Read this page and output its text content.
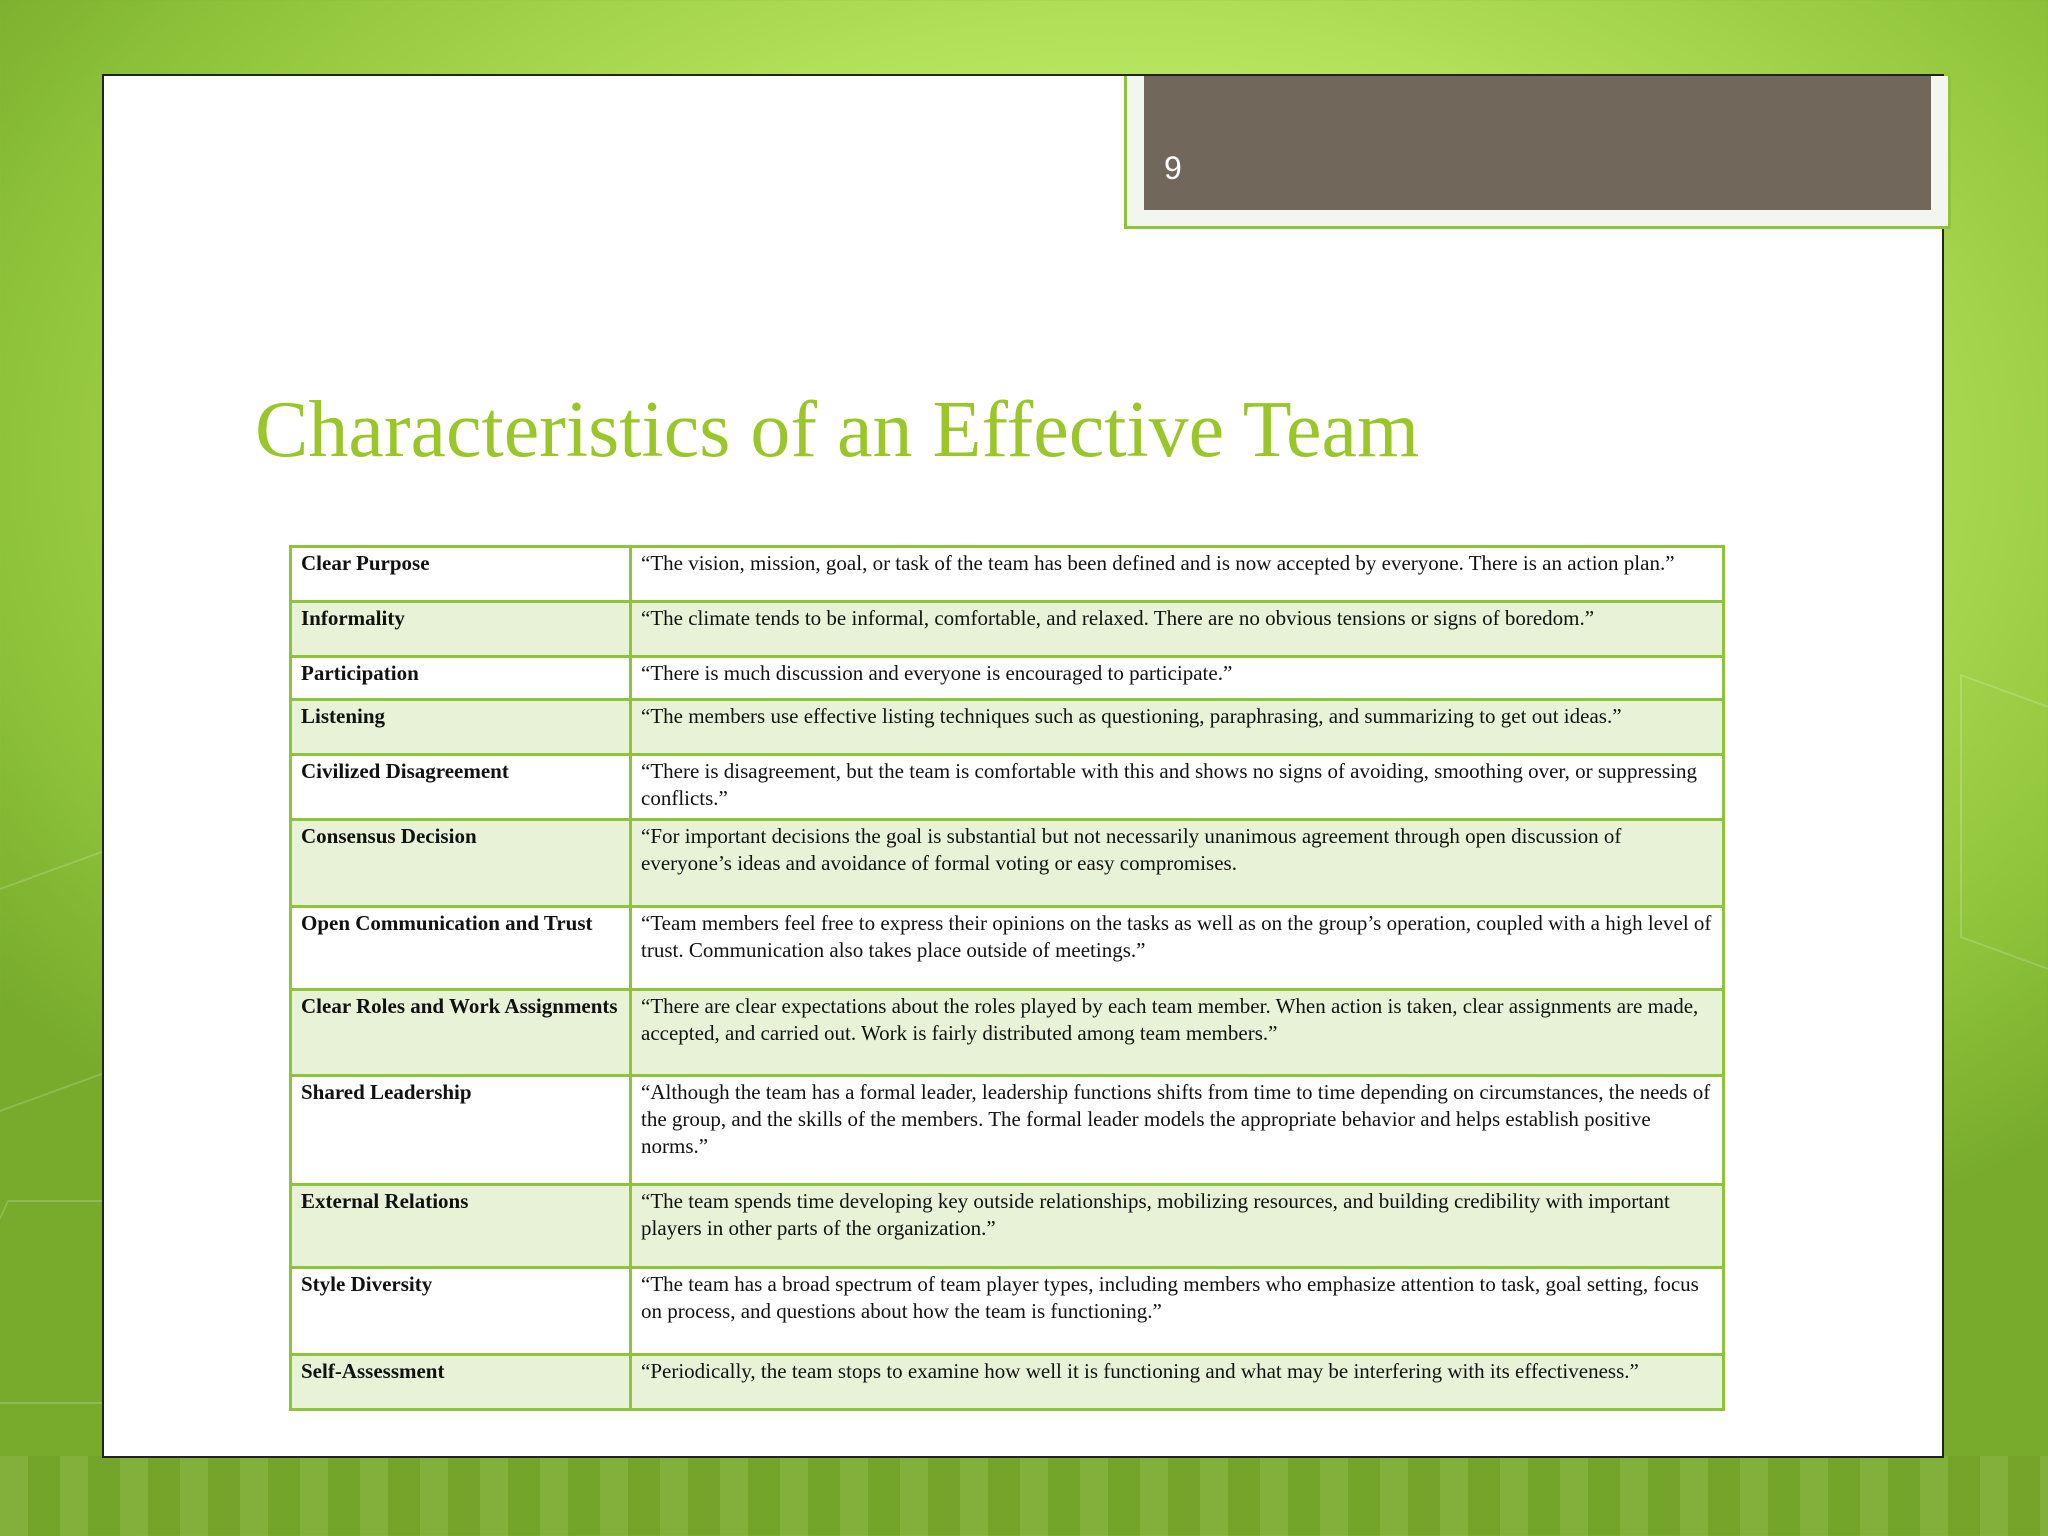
9
Characteristics of an Effective Team
Clear Purpose	“The vision, mission, goal, or task of the team has been defined and is now accepted by everyone. There is an action plan.”
Informality	“The climate tends to be informal, comfortable, and relaxed. There are no obvious tensions or signs of boredom.”
Participation	“There is much discussion and everyone is encouraged to participate.”
Listening	“The members use effective listing techniques such as questioning, paraphrasing, and summarizing to get out ideas.”
Civilized Disagreement	“There is disagreement, but the team is comfortable with this and shows no signs of avoiding, smoothing over, or suppressing conflicts.”
Consensus Decision	“For important decisions the goal is substantial but not necessarily unanimous agreement through open discussion of everyone’s ideas and avoidance of formal voting or easy compromises.
Open Communication and Trust	“Team members feel free to express their opinions on the tasks as well as on the group’s operation, coupled with a high level of trust. Communication also takes place outside of meetings.”
Clear Roles and Work Assignments	“There are clear expectations about the roles played by each team member. When action is taken, clear assignments are made, accepted, and carried out. Work is fairly distributed among team members.”
Shared Leadership	“Although the team has a formal leader, leadership functions shifts from time to time depending on circumstances, the needs of the group, and the skills of the members. The formal leader models the appropriate behavior and helps establish positive norms.”
External Relations	“The team spends time developing key outside relationships, mobilizing resources, and building credibility with important players in other parts of the organization.”
Style Diversity	“The team has a broad spectrum of team player types, including members who emphasize attention to task, goal setting, focus on process, and questions about how the team is functioning.”
Self-Assessment	“Periodically, the team stops to examine how well it is functioning and what may be interfering with its effectiveness.”
